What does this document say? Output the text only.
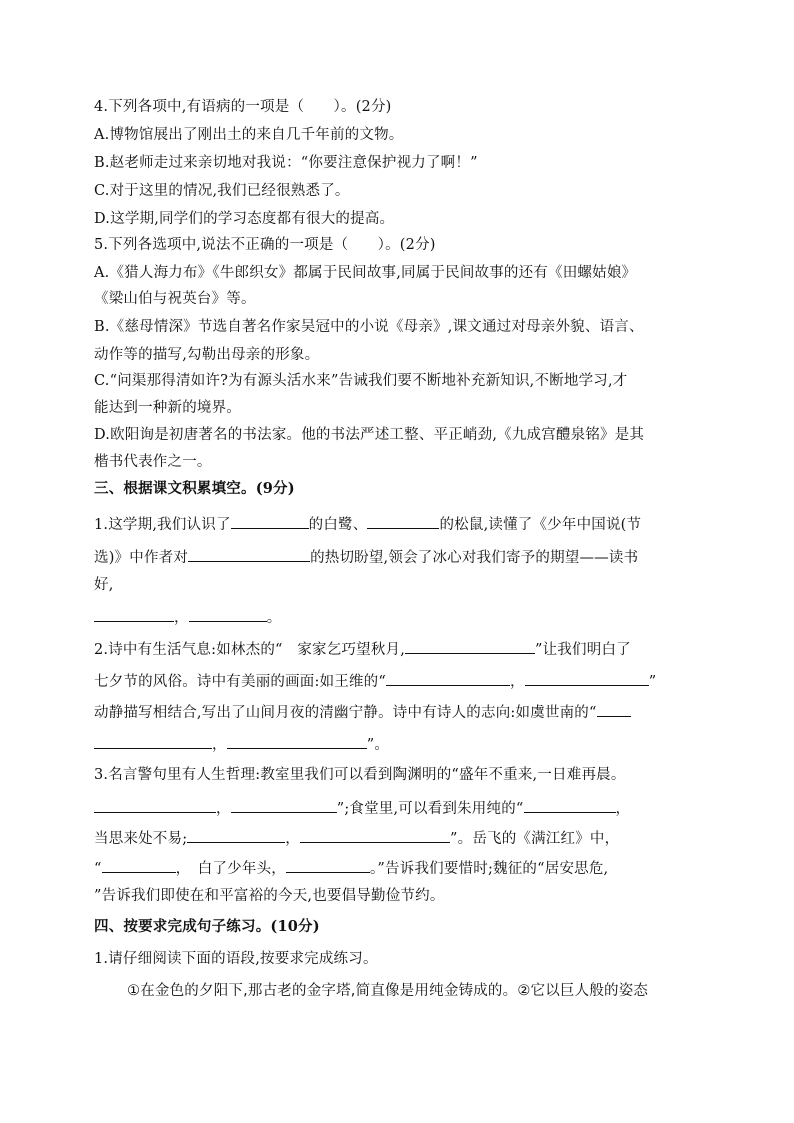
4.下列各项中,有语病的一项是（　　）。(2分)
A.博物馆展出了刚出土的来自几千年前的文物。
B.赵老师走过来亲切地对我说：“你要注意保护视力了啊！”
C.对于这里的情况,我们已经很熟悉了。
D.这学期,同学们的学习态度都有很大的提高。
5.下列各选项中,说法不正确的一项是（　　）。(2分)
A.《猎人海力布》《牛郎织女》都属于民间故事,同属于民间故事的还有《田螺姑娘》
《梁山伯与祝英台》等。
B.《慈母情深》节选自著名作家吴冠中的小说《母亲》,课文通过对母亲外貌、语言、
动作等的描写,勾勒出母亲的形象。
C.“问渠那得清如许?为有源头活水来”告诫我们要不断地补充新知识,不断地学习,才
能达到一种新的境界。
D.欧阳询是初唐著名的书法家。他的书法严述工整、平正峭劲,《九成宫醴泉铭》是其
楷书代表作之一。
三、根据课文积累填空。(9分)
1.这学期,我们认识了	的白鹭、	的松鼠,读懂了《少年中国说(节
选)》中作者对	的热切盼望,领会了冰心对我们寄予的期望——读书
好,
，	。
2.诗中有生活气息:如林杰的“　家家乞巧望秋月,	”让我们明白了
七夕节的风俗。诗中有美丽的画面:如王维的“	，	”
动静描写相结合,写出了山间月夜的清幽宁静。诗中有诗人的志向:如虞世南的“
，	”。
3.名言警句里有人生哲理:教室里我们可以看到陶渊明的“盛年不重来,一日难再晨。
，	”;食堂里,可以看到朱用纯的“	，
当思来处不易;	，	”。岳飞的《满江红》中，
“	，　白了少年头，	。”告诉我们要惜时;魏征的“居安思危,
”告诉我们即使在和平富裕的今天,也要倡导勤俭节约。
四、按要求完成句子练习。(10分)
1.请仔细阅读下面的语段,按要求完成练习。
①在金色的夕阳下,那古老的金字塔,简直像是用纯金铸成的。②它以巨人般的姿态
